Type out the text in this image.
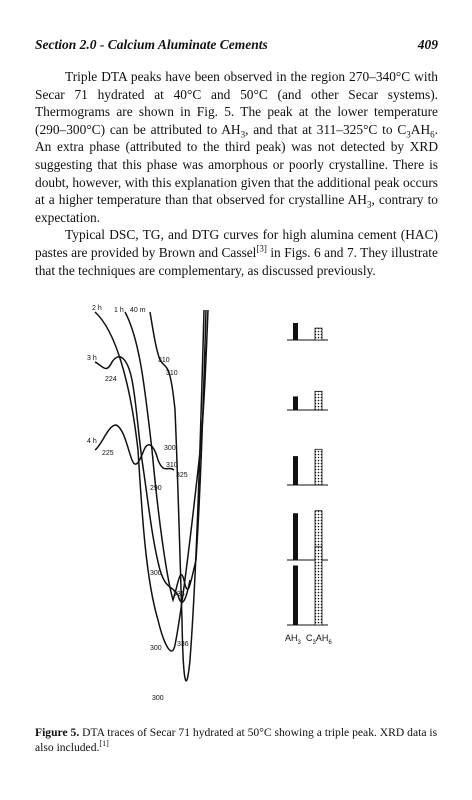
Section 2.0 - Calcium Aluminate Cements	409

Triple DTA peaks have been observed in the region 270–340°C with Secar 71 hydrated at 40°C and 50°C (and other Secar systems). Thermograms are shown in Fig. 5. The peak at the lower temperature (290–300°C) can be attributed to $AH_3$, and that at 311–325°C to $C_3AH_6$. An extra phase (attributed to the third peak) was not detected by XRD suggesting that this phase was amorphous or poorly crystalline. There is doubt, however, with this explanation given that the additional peak occurs at a higher temperature than that observed for crystalline $AH_3$, contrary to expectation.

Typical DSC, TG, and DTG curves for high alumina cement (HAC) pastes are provided by Brown and Cassel[3] in Figs. 6 and 7. They illustrate that the techniques are complementary, as discussed previously.

2 h 1 h 40 m
3 h
4 h
310
310
224
300
310
325
225
290
300
335
300
336
300
$AH_3$ $C_3AH_6$
Figure 5. DTA traces of Secar 71 hydrated at 50°C showing a triple peak. XRD data is also included.[1]
